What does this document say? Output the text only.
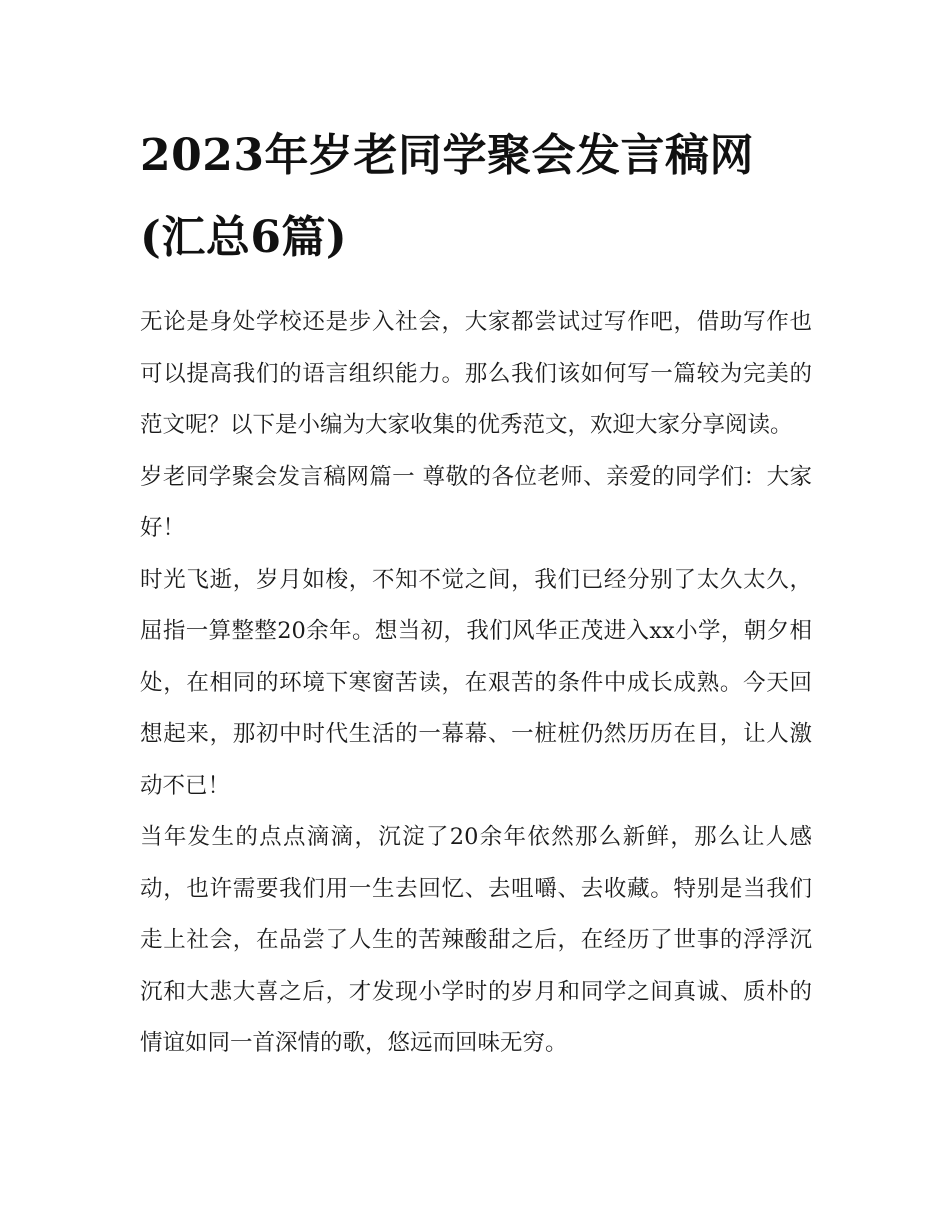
2023年岁老同学聚会发言稿网
(汇总6篇)

无论是身处学校还是步入社会，大家都尝试过写作吧，借助写作也可以提高我们的语言组织能力。那么我们该如何写一篇较为完美的范文呢？以下是小编为大家收集的优秀范文，欢迎大家分享阅读。

岁老同学聚会发言稿网篇一 尊敬的各位老师、亲爱的同学们：大家好！

时光飞逝，岁月如梭，不知不觉之间，我们已经分别了太久太久，屈指一算整整20余年。想当初，我们风华正茂进入xx小学，朝夕相处，在相同的环境下寒窗苦读，在艰苦的条件中成长成熟。今天回想起来，那初中时代生活的一幕幕、一桩桩仍然历历在目，让人激动不已！

当年发生的点点滴滴，沉淀了20余年依然那么新鲜，那么让人感动，也许需要我们用一生去回忆、去咀嚼、去收藏。特别是当我们走上社会，在品尝了人生的苦辣酸甜之后，在经历了世事的浮浮沉沉和大悲大喜之后，才发现小学时的岁月和同学之间真诚、质朴的情谊如同一首深情的歌，悠远而回味无穷。
